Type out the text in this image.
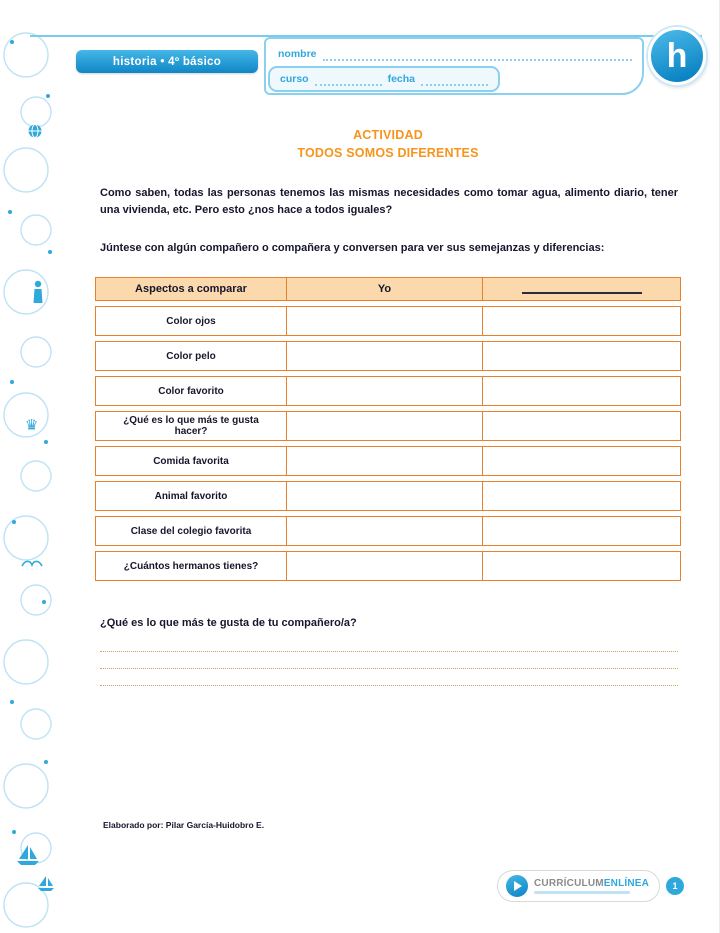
♛
historia • 4º básico
nombre
curso	fecha
h
ACTIVIDAD
TODOS SOMOS DIFERENTES

Como saben, todas las personas tenemos las mismas necesidades como tomar agua, alimento diario, tener una vivienda, etc. Pero esto ¿nos hace a todos iguales?

Júntese con algún compañero o compañera y conversen para ver sus semejanzas y diferencias:

Aspectos a comparar	Yo	
Color ojos		
Color pelo		
Color favorito		
¿Qué es lo que más te gusta hacer?		
Comida favorita		
Animal favorito		
Clase del colegio favorita		
¿Cuántos hermanos tienes?		

¿Qué es lo que más te gusta de tu compañero/a?

Elaborado por: Pilar García-Huidobro E.
CURRÍCULUMENLÍNEA	1
